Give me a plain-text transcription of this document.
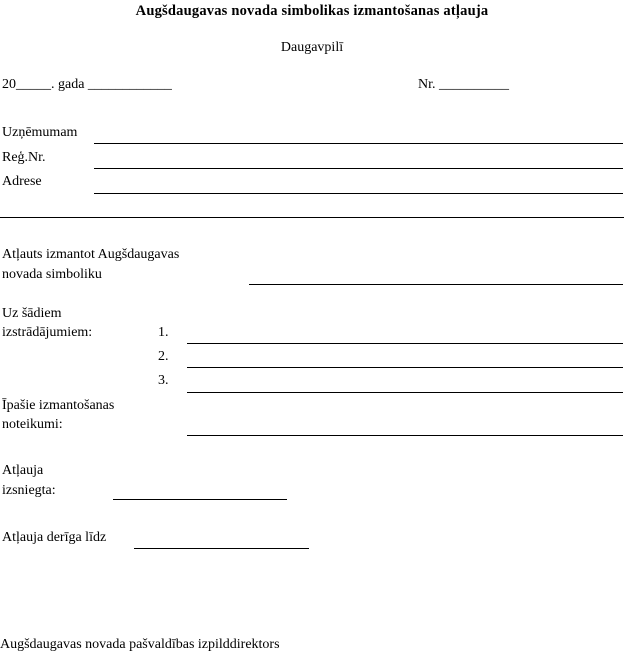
Augšdaugavas novada simbolikas izmantošanas atļauja
Daugavpilī
20_____. gada ____________	Nr. __________
Uzņēmumam
Reģ.Nr.
Adrese
Atļauts izmantot Augšdaugavas
novada simboliku
Uz šādiem
izstrādājumiem:	1.
2.
3.
Īpašie izmantošanas
noteikumi:
Atļauja
izsniegta:
Atļauja derīga līdz
Augšdaugavas novada pašvaldības izpilddirektors
